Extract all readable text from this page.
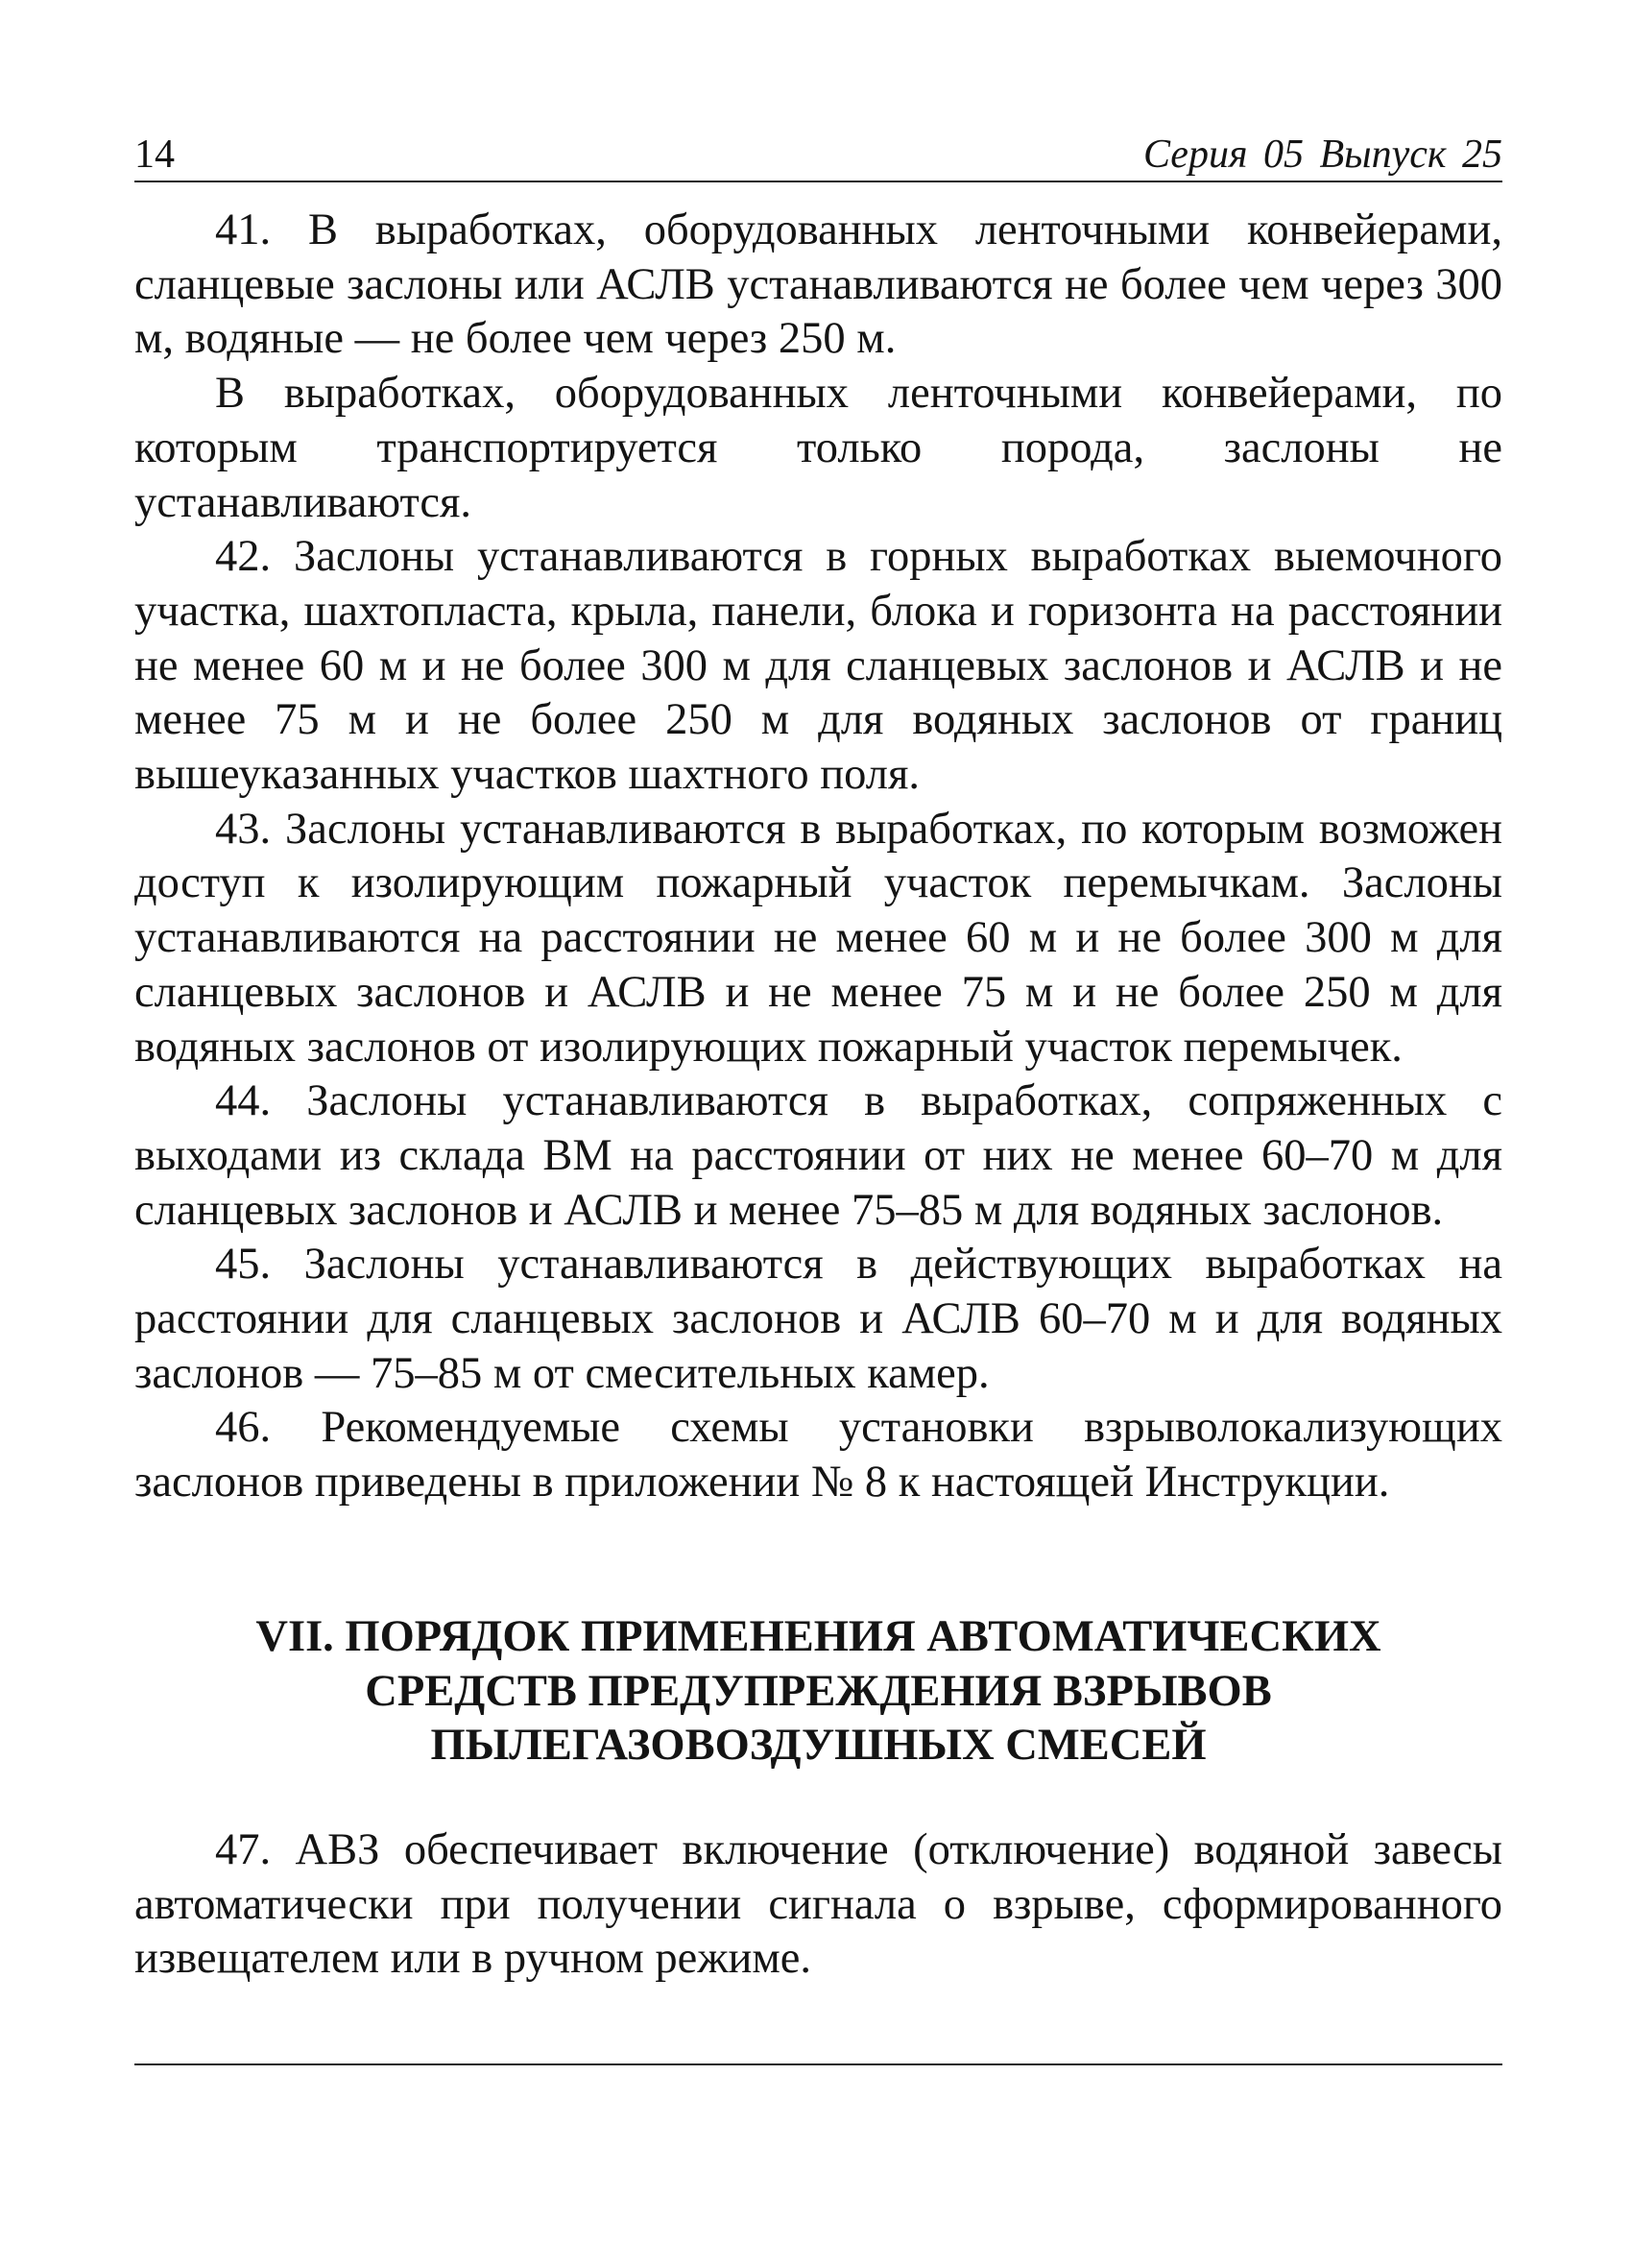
14	Серия 05 Выпуск 25

41. В выработках, оборудованных ленточными конвейерами, сланцевые заслоны или АСЛВ устанавливаются не более чем через 300 м, водяные — не более чем через 250 м.

В выработках, оборудованных ленточными конвейерами, по которым транспортируется только порода, заслоны не устанавливаются.

42. Заслоны устанавливаются в горных выработках выемочного участка, шахтопласта, крыла, панели, блока и горизонта на расстоянии не менее 60 м и не более 300 м для сланцевых заслонов и АСЛВ и не менее 75 м и не более 250 м для водяных заслонов от границ вышеуказанных участков шахтного поля.

43. Заслоны устанавливаются в выработках, по которым возможен доступ к изолирующим пожарный участок перемычкам. Заслоны устанавливаются на расстоянии не менее 60 м и не более 300 м для сланцевых заслонов и АСЛВ и не менее 75 м и не более 250 м для водяных заслонов от изолирующих пожарный участок перемычек.

44. Заслоны устанавливаются в выработках, сопряженных с выходами из склада ВМ на расстоянии от них не менее 60–70 м для сланцевых заслонов и АСЛВ и менее 75–85 м для водяных заслонов.

45. Заслоны устанавливаются в действующих выработках на расстоянии для сланцевых заслонов и АСЛВ 60–70 м и для водяных заслонов — 75–85 м от смесительных камер.

46. Рекомендуемые схемы установки взрыволокализующих заслонов приведены в приложении № 8 к настоящей Инструкции.

VII. ПОРЯДОК ПРИМЕНЕНИЯ АВТОМАТИЧЕСКИХ
СРЕДСТВ ПРЕДУПРЕЖДЕНИЯ ВЗРЫВОВ
ПЫЛЕГАЗОВОЗДУШНЫХ СМЕСЕЙ

47. АВЗ обеспечивает включение (отключение) водяной завесы автоматически при получении сигнала о взрыве, сформированного извещателем или в ручном режиме.
